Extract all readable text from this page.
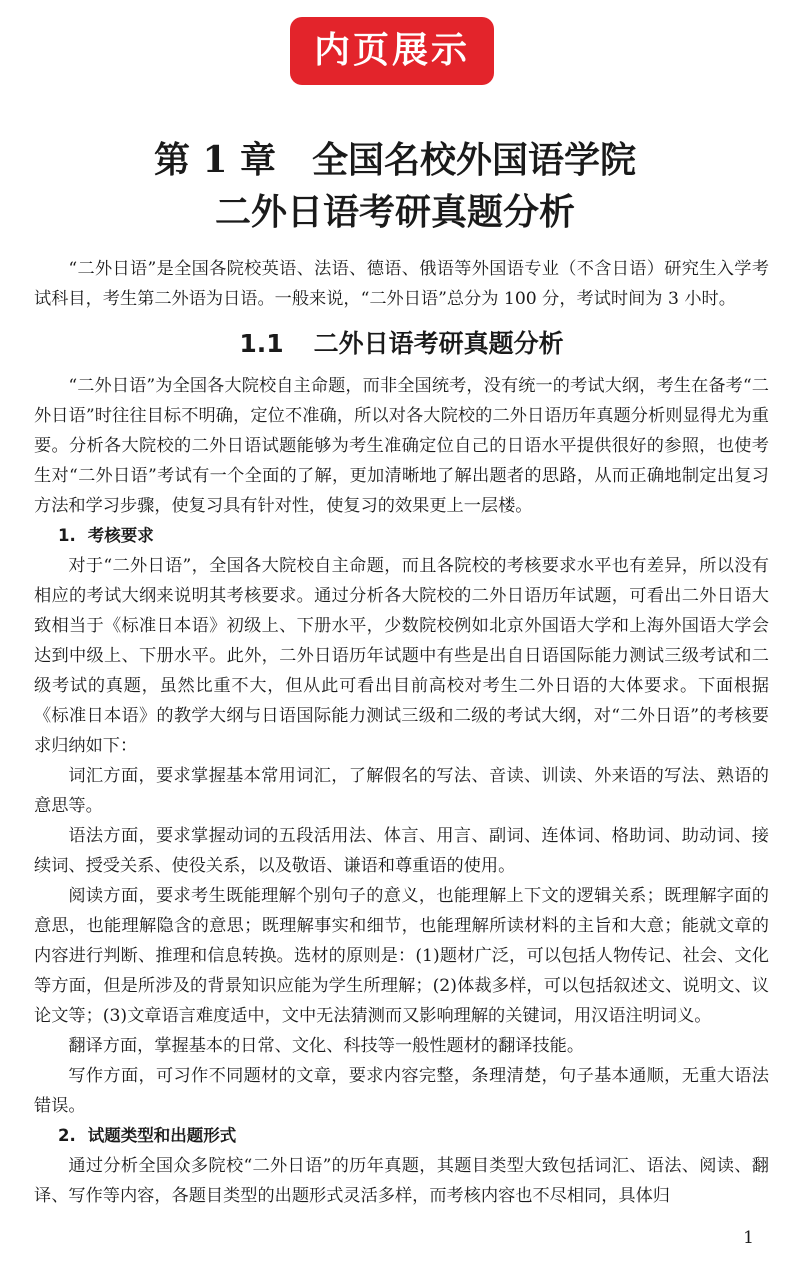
内页展示
第 1 章　全国名校外国语学院
二外日语考研真题分析

“二外日语”是全国各院校英语、法语、德语、俄语等外国语专业（不含日语）研究生入学考试科目，考生第二外语为日语。一般来说，“二外日语”总分为 100 分，考试时间为 3 小时。

1.1 二外日语考研真题分析

“二外日语”为全国各大院校自主命题，而非全国统考，没有统一的考试大纲，考生在备考“二外日语”时往往目标不明确，定位不准确，所以对各大院校的二外日语历年真题分析则显得尤为重要。分析各大院校的二外日语试题能够为考生准确定位自己的日语水平提供很好的参照，也使考生对“二外日语”考试有一个全面的了解，更加清晰地了解出题者的思路，从而正确地制定出复习方法和学习步骤，使复习具有针对性，使复习的效果更上一层楼。

1. 考核要求

对于“二外日语”，全国各大院校自主命题，而且各院校的考核要求水平也有差异，所以没有相应的考试大纲来说明其考核要求。通过分析各大院校的二外日语历年试题，可看出二外日语大致相当于《标准日本语》初级上、下册水平，少数院校例如北京外国语大学和上海外国语大学会达到中级上、下册水平。此外，二外日语历年试题中有些是出自日语国际能力测试三级考试和二级考试的真题，虽然比重不大，但从此可看出目前高校对考生二外日语的大体要求。下面根据《标准日本语》的教学大纲与日语国际能力测试三级和二级的考试大纲，对“二外日语”的考核要求归纳如下：

词汇方面，要求掌握基本常用词汇，了解假名的写法、音读、训读、外来语的写法、熟语的意思等。

语法方面，要求掌握动词的五段活用法、体言、用言、副词、连体词、格助词、助动词、接续词、授受关系、使役关系，以及敬语、谦语和尊重语的使用。

阅读方面，要求考生既能理解个别句子的意义，也能理解上下文的逻辑关系；既理解字面的意思，也能理解隐含的意思；既理解事实和细节，也能理解所读材料的主旨和大意；能就文章的内容进行判断、推理和信息转换。选材的原则是：(1)题材广泛，可以包括人物传记、社会、文化等方面，但是所涉及的背景知识应能为学生所理解；(2)体裁多样，可以包括叙述文、说明文、议论文等；(3)文章语言难度适中，文中无法猜测而又影响理解的关键词，用汉语注明词义。

翻译方面，掌握基本的日常、文化、科技等一般性题材的翻译技能。

写作方面，可习作不同题材的文章，要求内容完整，条理清楚，句子基本通顺，无重大语法错误。

2. 试题类型和出题形式

通过分析全国众多院校“二外日语”的历年真题，其题目类型大致包括词汇、语法、阅读、翻译、写作等内容，各题目类型的出题形式灵活多样，而考核内容也不尽相同，具体归

1
